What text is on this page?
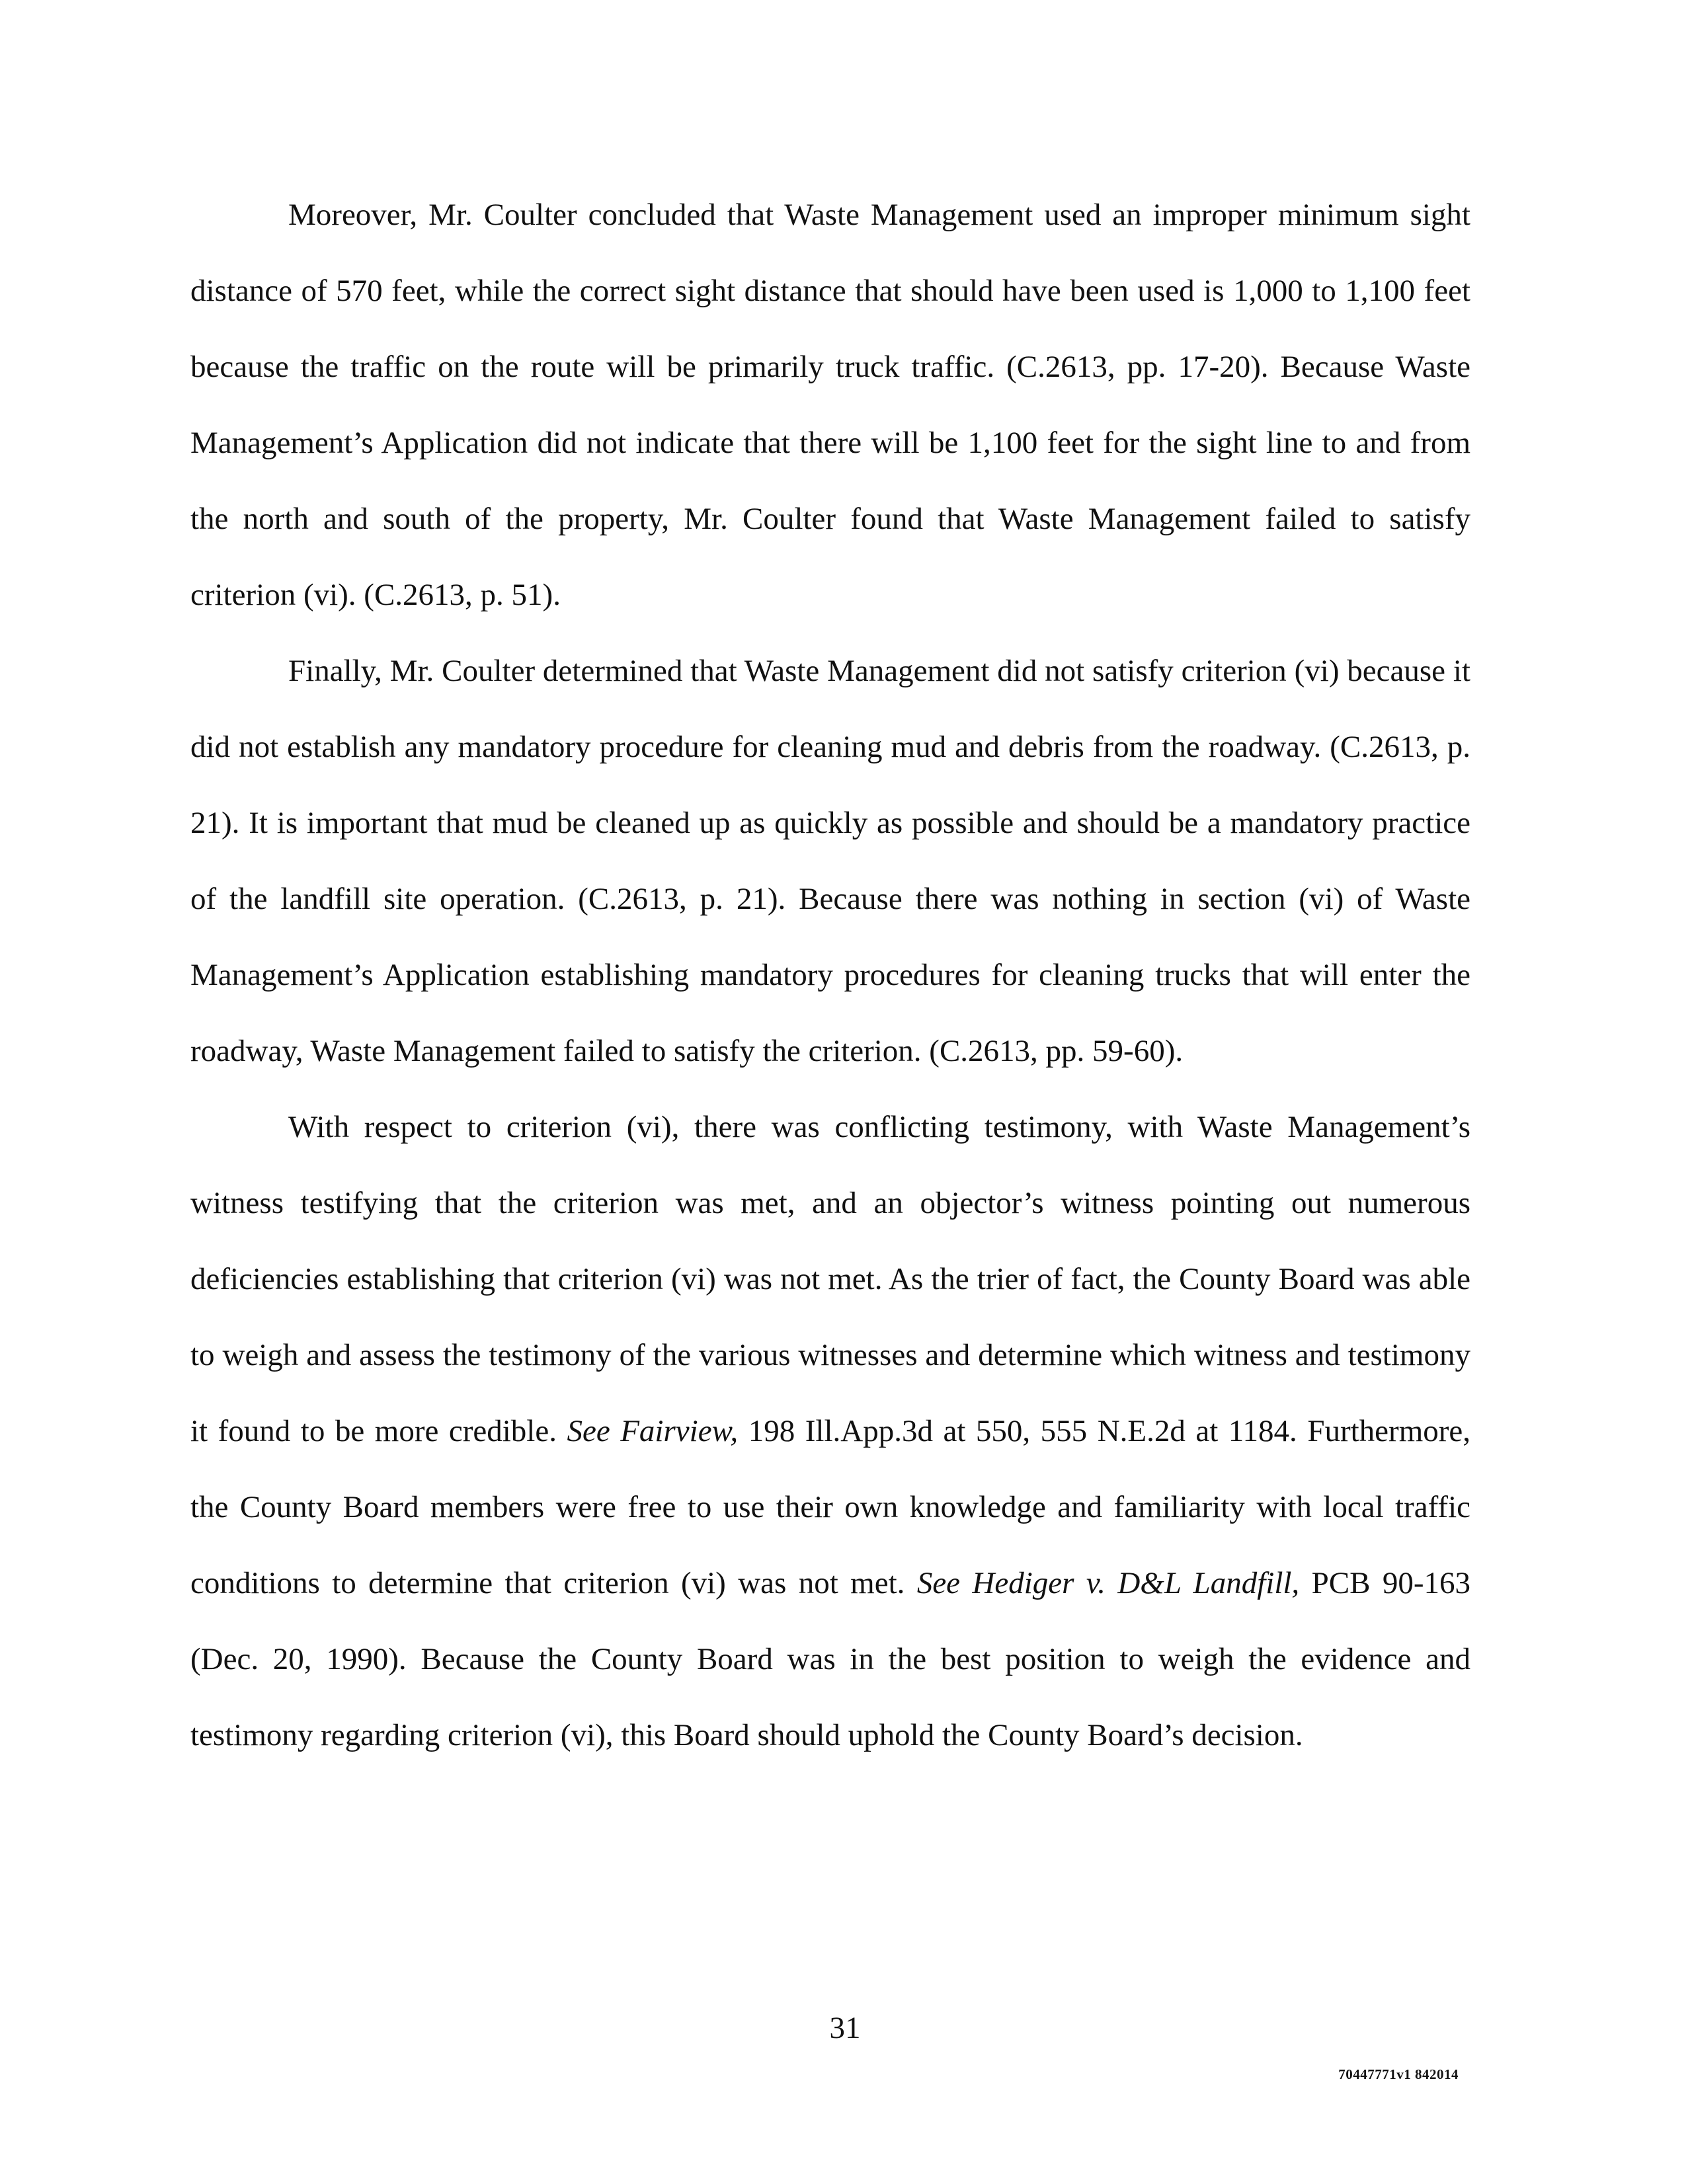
Moreover, Mr. Coulter concluded that Waste Management used an improper minimum sight distance of 570 feet, while the correct sight distance that should have been used is 1,000 to 1,100 feet because the traffic on the route will be primarily truck traffic. (C.2613, pp. 17-20). Because Waste Management’s Application did not indicate that there will be 1,100 feet for the sight line to and from the north and south of the property, Mr. Coulter found that Waste Management failed to satisfy criterion (vi). (C.2613, p. 51).

Finally, Mr. Coulter determined that Waste Management did not satisfy criterion (vi) because it did not establish any mandatory procedure for cleaning mud and debris from the roadway. (C.2613, p. 21). It is important that mud be cleaned up as quickly as possible and should be a mandatory practice of the landfill site operation. (C.2613, p. 21). Because there was nothing in section (vi) of Waste Management’s Application establishing mandatory procedures for cleaning trucks that will enter the roadway, Waste Management failed to satisfy the criterion. (C.2613, pp. 59-60).

With respect to criterion (vi), there was conflicting testimony, with Waste Management’s witness testifying that the criterion was met, and an objector’s witness pointing out numerous deficiencies establishing that criterion (vi) was not met. As the trier of fact, the County Board was able to weigh and assess the testimony of the various witnesses and determine which witness and testimony it found to be more credible. See Fairview, 198 Ill.App.3d at 550, 555 N.E.2d at 1184. Furthermore, the County Board members were free to use their own knowledge and familiarity with local traffic conditions to determine that criterion (vi) was not met. See Hediger v. D&L Landfill, PCB 90-163 (Dec. 20, 1990). Because the County Board was in the best position to weigh the evidence and testimony regarding criterion (vi), this Board should uphold the County Board’s decision.

31
70447771v1 842014
